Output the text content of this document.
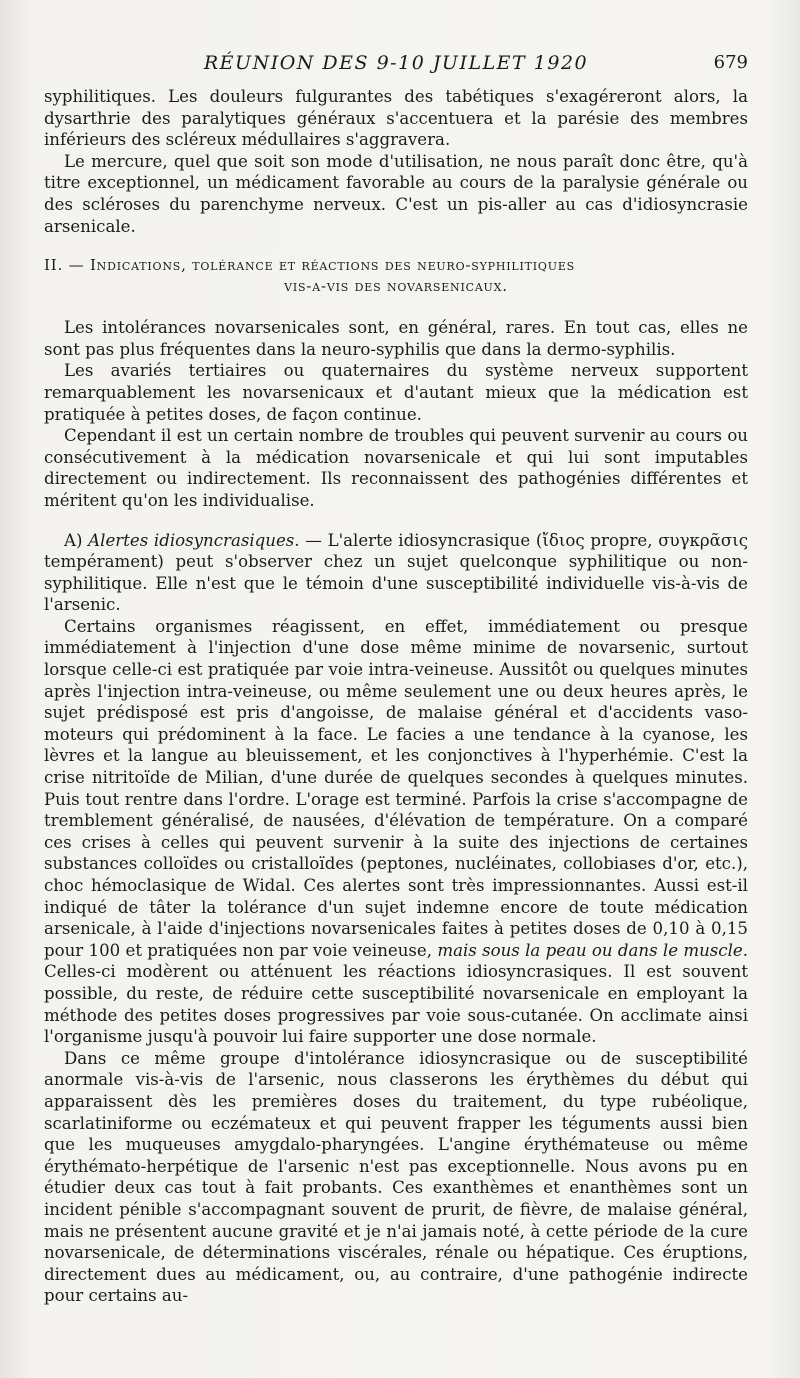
RÉUNION DES 9-10 JUILLET 1920	679

syphilitiques. Les douleurs fulgurantes des tabétiques s'exagéreront alors, la dysarthrie des paralytiques généraux s'accentuera et la parésie des membres inférieurs des scléreux médullaires s'aggravera.

Le mercure, quel que soit son mode d'utilisation, ne nous paraît donc être, qu'à titre exceptionnel, un médicament favorable au cours de la paralysie générale ou des scléroses du parenchyme nerveux. C'est un pis-aller au cas d'idiosyncrasie arsenicale.

II. — Indications, tolérance et réactions des neuro-syphilitiques
vis-a-vis des novarsenicaux.

Les intolérances novarsenicales sont, en général, rares. En tout cas, elles ne sont pas plus fréquentes dans la neuro-syphilis que dans la dermo-syphilis.

Les avariés tertiaires ou quaternaires du système nerveux supportent remarquablement les novarsenicaux et d'autant mieux que la médication est pratiquée à petites doses, de façon continue.

Cependant il est un certain nombre de troubles qui peuvent survenir au cours ou consécutivement à la médication novarsenicale et qui lui sont imputables directement ou indirectement. Ils reconnaissent des pathogénies différentes et méritent qu'on les individualise.

A) Alertes idiosyncrasiques. — L'alerte idiosyncrasique (ἴδιος propre, συγκρᾶσις tempérament) peut s'observer chez un sujet quelconque syphilitique ou non-syphilitique. Elle n'est que le témoin d'une susceptibilité individuelle vis-à-vis de l'arsenic.

Certains organismes réagissent, en effet, immédiatement ou presque immédiatement à l'injection d'une dose même minime de novarsenic, surtout lorsque celle-ci est pratiquée par voie intra-veineuse. Aussitôt ou quelques minutes après l'injection intra-veineuse, ou même seulement une ou deux heures après, le sujet prédisposé est pris d'angoisse, de malaise général et d'accidents vaso-moteurs qui prédominent à la face. Le facies a une tendance à la cyanose, les lèvres et la langue au bleuissement, et les conjonctives à l'hyperhémie. C'est la crise nitritoïde de Milian, d'une durée de quelques secondes à quelques minutes. Puis tout rentre dans l'ordre. L'orage est terminé. Parfois la crise s'accompagne de tremblement généralisé, de nausées, d'élévation de température. On a comparé ces crises à celles qui peuvent survenir à la suite des injections de certaines substances colloïdes ou cristalloïdes (peptones, nucléinates, collobiases d'or, etc.), choc hémoclasique de Widal. Ces alertes sont très impressionnantes. Aussi est-il indiqué de tâter la tolérance d'un sujet indemne encore de toute médication arsenicale, à l'aide d'injections novarsenicales faites à petites doses de 0,10 à 0,15 pour 100 et pratiquées non par voie veineuse, mais sous la peau ou dans le muscle. Celles-ci modèrent ou atténuent les réactions idiosyncrasiques. Il est souvent possible, du reste, de réduire cette susceptibilité novarsenicale en employant la méthode des petites doses progressives par voie sous-cutanée. On acclimate ainsi l'organisme jusqu'à pouvoir lui faire supporter une dose normale.

Dans ce même groupe d'intolérance idiosyncrasique ou de susceptibilité anormale vis-à-vis de l'arsenic, nous classerons les érythèmes du début qui apparaissent dès les premières doses du traitement, du type rubéolique, scarlatiniforme ou eczémateux et qui peuvent frapper les téguments aussi bien que les muqueuses amygdalo-pharyngées. L'angine érythémateuse ou même érythémato-herpétique de l'arsenic n'est pas exceptionnelle. Nous avons pu en étudier deux cas tout à fait probants. Ces exanthèmes et enanthèmes sont un incident pénible s'accompagnant souvent de prurit, de fièvre, de malaise général, mais ne présentent aucune gravité et je n'ai jamais noté, à cette période de la cure novarsenicale, de déterminations viscérales, rénale ou hépatique. Ces éruptions, directement dues au médicament, ou, au contraire, d'une pathogénie indirecte pour certains au-
